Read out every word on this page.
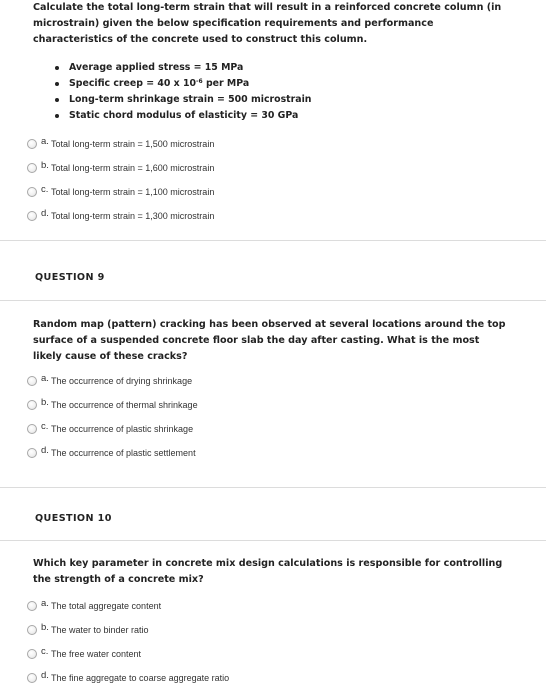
Calculate the total long-term strain that will result in a reinforced concrete column (in microstrain) given the below specification requirements and performance characteristics of the concrete used to construct this column.
Average applied stress = 15 MPa
Specific creep = 40 x $10^{-6}$ per MPa
Long-term shrinkage strain = 500 microstrain
Static chord modulus of elasticity = 30 GPa
a. Total long-term strain = 1,500 microstrain
b. Total long-term strain = 1,600 microstrain
c. Total long-term strain = 1,100 microstrain
d. Total long-term strain = 1,300 microstrain
QUESTION 9
Random map (pattern) cracking has been observed at several locations around the top surface of a suspended concrete floor slab the day after casting. What is the most likely cause of these cracks?
a. The occurrence of drying shrinkage
b. The occurrence of thermal shrinkage
c. The occurrence of plastic shrinkage
d. The occurrence of plastic settlement
QUESTION 10
Which key parameter in concrete mix design calculations is responsible for controlling the strength of a concrete mix?
a. The total aggregate content
b. The water to binder ratio
c. The free water content
d. The fine aggregate to coarse aggregate ratio
